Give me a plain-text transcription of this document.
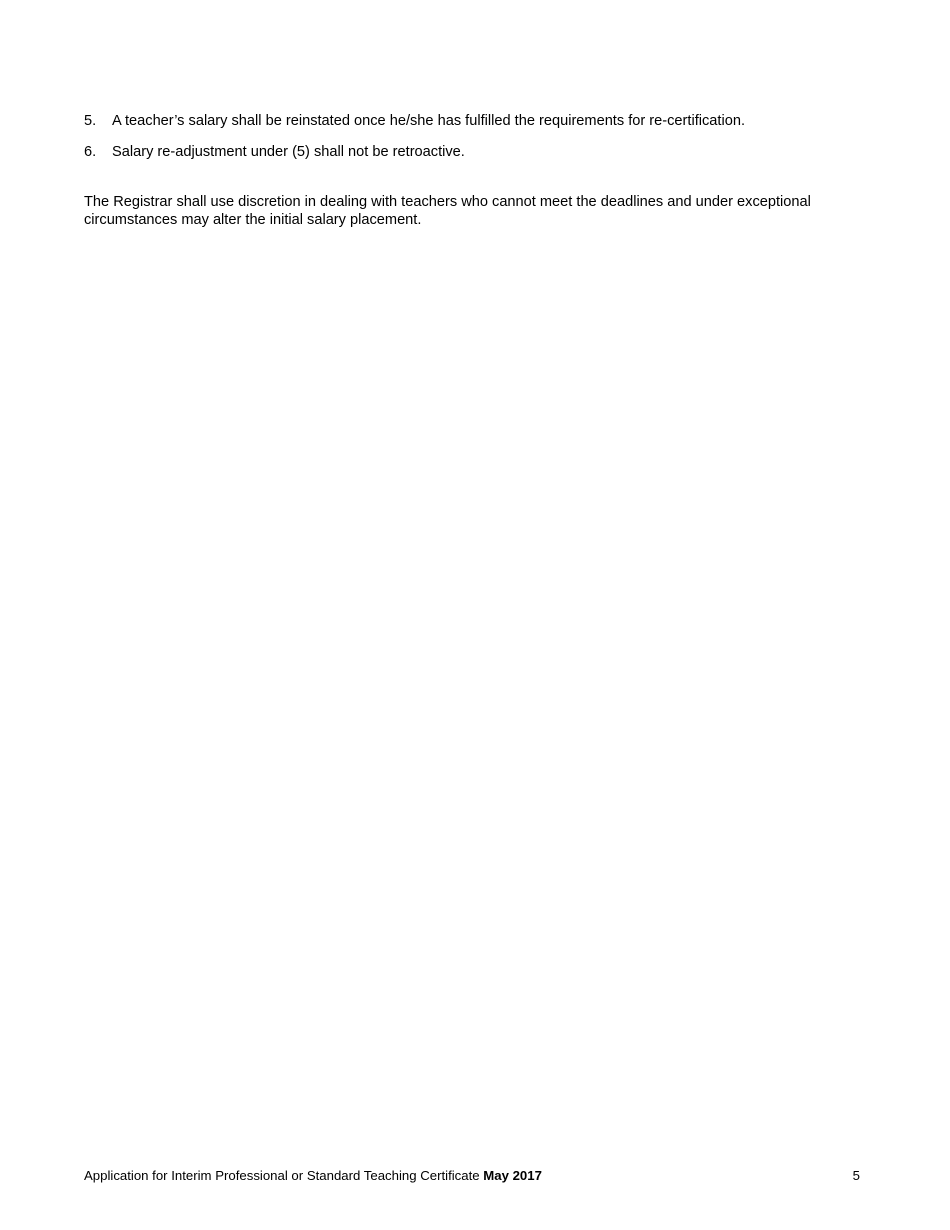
5.	A teacher’s salary shall be reinstated once he/she has fulfilled the requirements for re-certification.
6.	Salary re-adjustment under (5) shall not be retroactive.

The Registrar shall use discretion in dealing with teachers who cannot meet the deadlines and under exceptional circumstances may alter the initial salary placement.

Application for Interim Professional or Standard Teaching Certificate May 2017	5
